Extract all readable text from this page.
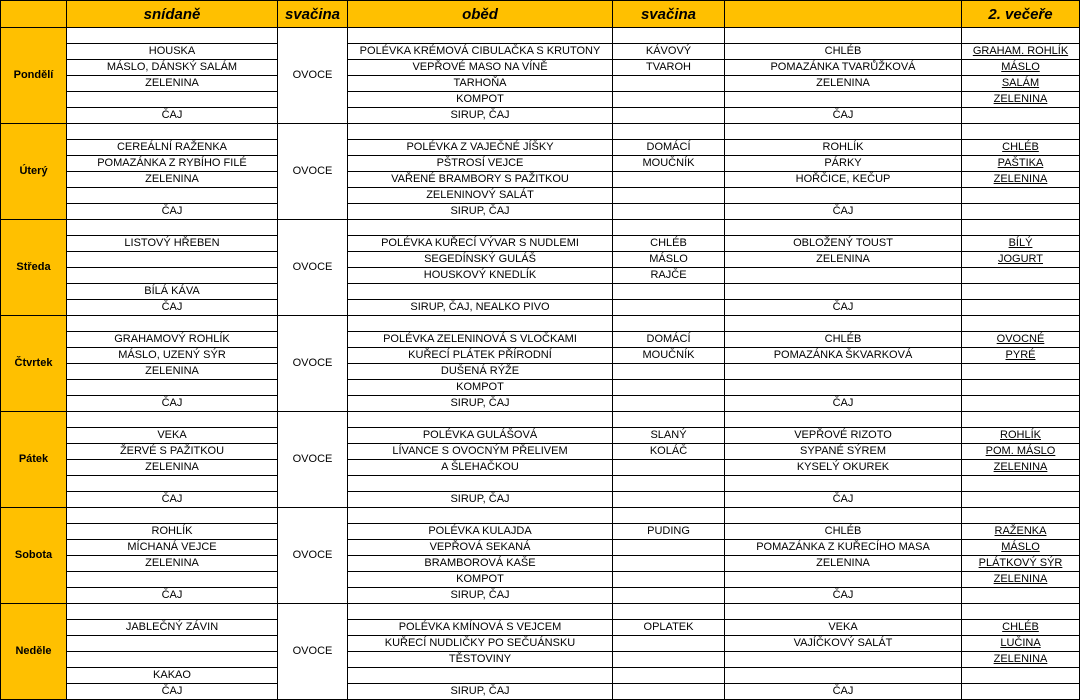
	snídaně	svačina	oběd	svačina		2. večeře
Pondělí		OVOCE				
	HOUSKA		POLÉVKA KRÉMOVÁ CIBULAČKA S KRUTONY	KÁVOVÝ	CHLÉB	GRAHAM. ROHLÍK
	MÁSLO, DÁNSKÝ SALÁM		VEPŘOVÉ MASO NA VÍNĚ	TVAROH	POMAZÁNKA TVARŮŽKOVÁ	MÁSLO
	ZELENINA		TARHOŇA		ZELENINA	SALÁM
			KOMPOT			ZELENINA
	ČAJ		SIRUP, ČAJ		ČAJ	
Úterý		OVOCE				
	CEREÁLNÍ RAŽENKA		POLÉVKA Z VAJEČNÉ JÍŠKY	DOMÁCÍ	ROHLÍK	CHLÉB
	POMAZÁNKA Z RYBÍHO FILÉ		PŠTROSÍ VEJCE	MOUČNÍK	PÁRKY	PAŠTIKA
	ZELENINA		VAŘENÉ BRAMBORY S PAŽITKOU		HOŘČICE, KEČUP	ZELENINA
			ZELENINOVÝ SALÁT			
	ČAJ		SIRUP, ČAJ		ČAJ	
Středa		OVOCE				
	LISTOVÝ HŘEBEN		POLÉVKA KUŘECÍ VÝVAR S NUDLEMI	CHLÉB	OBLOŽENÝ TOUST	BÍLÝ
			SEGEDÍNSKÝ GULÁŠ	MÁSLO	ZELENINA	JOGURT
			HOUSKOVÝ KNEDLÍK	RAJČE		
	BÍLÁ KÁVA					
	ČAJ		SIRUP, ČAJ, NEALKO PIVO		ČAJ	
Čtvrtek		OVOCE				
	GRAHAMOVÝ ROHLÍK		POLÉVKA ZELENINOVÁ S VLOČKAMI	DOMÁCÍ	CHLÉB	OVOCNÉ
	MÁSLO, UZENÝ SÝR		KUŘECÍ PLÁTEK PŘÍRODNÍ	MOUČNÍK	POMAZÁNKA ŠKVARKOVÁ	PYRÉ
	ZELENINA		DUŠENÁ RÝŽE			
			KOMPOT			
	ČAJ		SIRUP, ČAJ		ČAJ	
Pátek		OVOCE				
	VEKA		POLÉVKA GULÁŠOVÁ	SLANÝ	VEPŘOVÉ RIZOTO	ROHLÍK
	ŽERVÉ S PAŽITKOU		LÍVANCE S OVOCNÝM PŘELIVEM	KOLÁČ	SYPANÉ SÝREM	POM. MÁSLO
	ZELENINA		A ŠLEHAČKOU		KYSELÝ OKUREK	ZELENINA

	ČAJ		SIRUP, ČAJ		ČAJ	
Sobota		OVOCE				
	ROHLÍK		POLÉVKA KULAJDA	PUDING	CHLÉB	RAŽENKA
	MÍCHANÁ VEJCE		VEPŘOVÁ SEKANÁ		POMAZÁNKA Z KUŘECÍHO MASA	MÁSLO
	ZELENINA		BRAMBOROVÁ KAŠE		ZELENINA	PLÁTKOVÝ SÝR
			KOMPOT			ZELENINA
	ČAJ		SIRUP, ČAJ		ČAJ	
Neděle		OVOCE				
	JABLEČNÝ ZÁVIN		POLÉVKA KMÍNOVÁ S VEJCEM	OPLATEK	VEKA	CHLÉB
			KUŘECÍ NUDLIČKY PO SEČUÁNSKU		VAJÍČKOVÝ SALÁT	LUČINA
			TĚSTOVINY			ZELENINA
	KAKAO					
	ČAJ		SIRUP, ČAJ		ČAJ	
